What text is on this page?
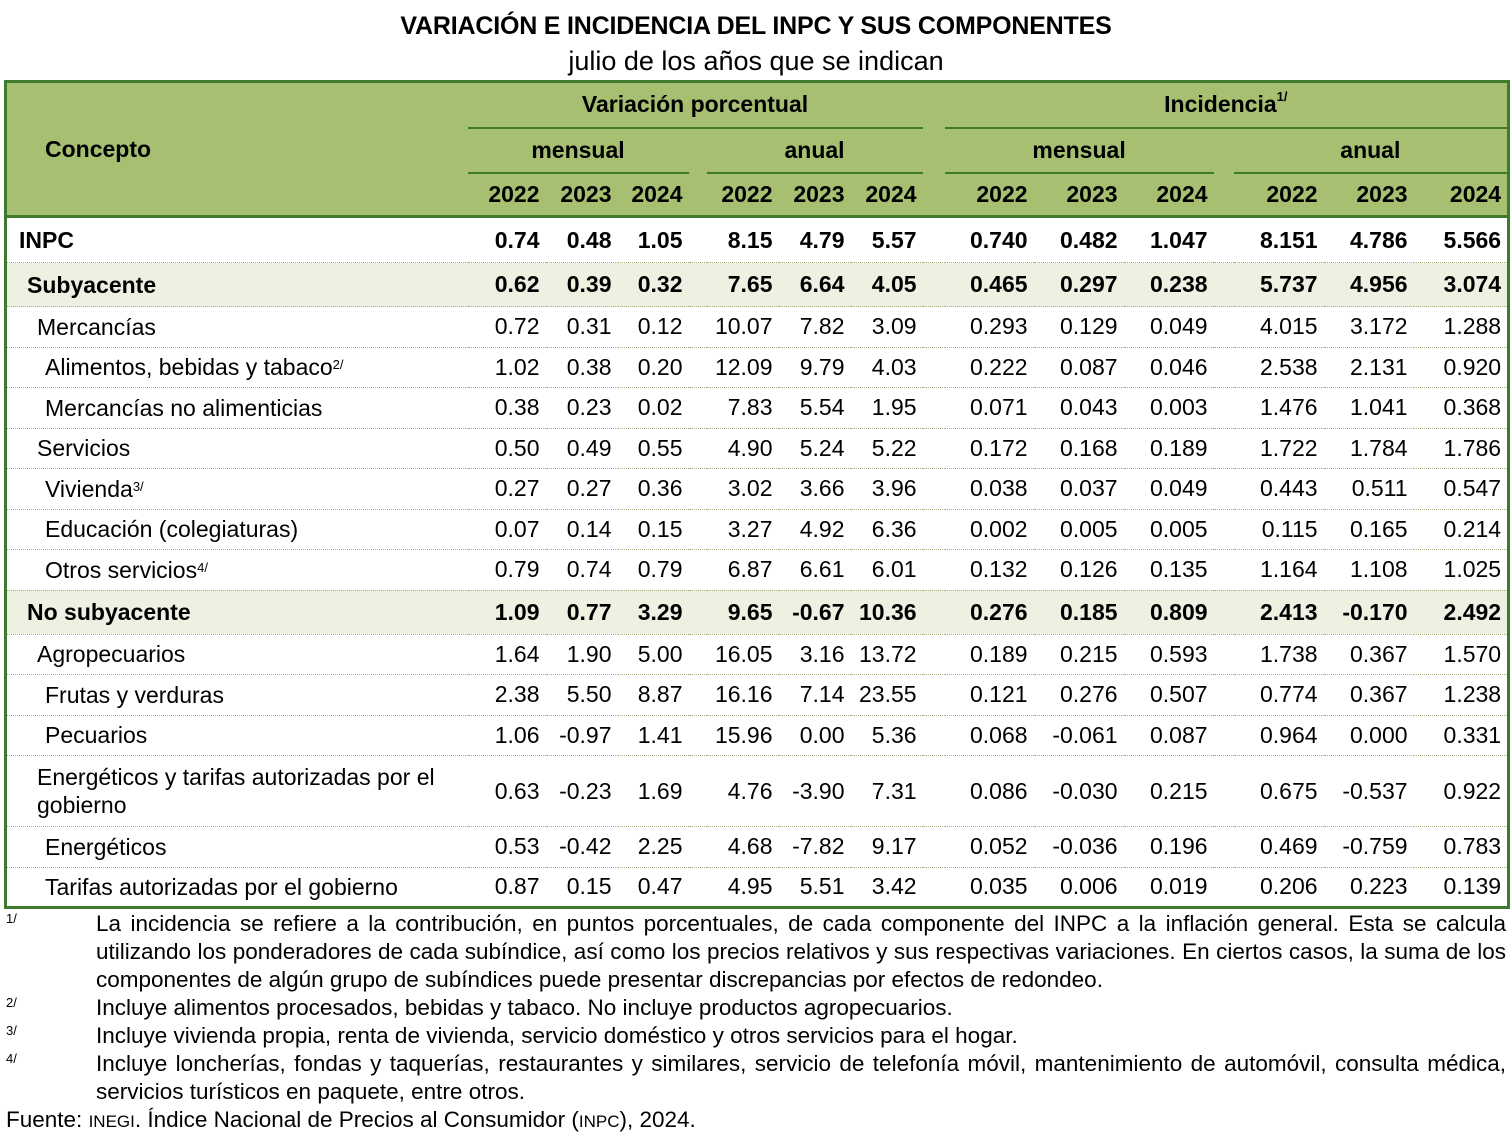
VARIACIÓN E INCIDENCIA DEL INPC Y SUS COMPONENTES
julio de los años que se indican
Concepto	Variación porcentual								Incidencia$^{1/}$
	mensual				anual				mensual				anual		
	2022	2023	2024		2022	2023	2024		2022	2023	2024		2022	2023	2024
INPC	0.74	0.48	1.05		8.15	4.79	5.57		0.740	0.482	1.047		8.151	4.786	5.566
Subyacente	0.62	0.39	0.32		7.65	6.64	4.05		0.465	0.297	0.238		5.737	4.956	3.074
Mercancías	0.72	0.31	0.12		10.07	7.82	3.09		0.293	0.129	0.049		4.015	3.172	1.288
Alimentos, bebidas y tabaco$^{2/}$	1.02	0.38	0.20		12.09	9.79	4.03		0.222	0.087	0.046		2.538	2.131	0.920
Mercancías no alimenticias	0.38	0.23	0.02		7.83	5.54	1.95		0.071	0.043	0.003		1.476	1.041	0.368
Servicios	0.50	0.49	0.55		4.90	5.24	5.22		0.172	0.168	0.189		1.722	1.784	1.786
Vivienda$^{3/}$	0.27	0.27	0.36		3.02	3.66	3.96		0.038	0.037	0.049		0.443	0.511	0.547
Educación (colegiaturas)	0.07	0.14	0.15		3.27	4.92	6.36		0.002	0.005	0.005		0.115	0.165	0.214
Otros servicios$^{4/}$	0.79	0.74	0.79		6.87	6.61	6.01		0.132	0.126	0.135		1.164	1.108	1.025
No subyacente	1.09	0.77	3.29		9.65	-0.67	10.36		0.276	0.185	0.809		2.413	-0.170	2.492
Agropecuarios	1.64	1.90	5.00		16.05	3.16	13.72		0.189	0.215	0.593		1.738	0.367	1.570
Frutas y verduras	2.38	5.50	8.87		16.16	7.14	23.55		0.121	0.276	0.507		0.774	0.367	1.238
Pecuarios	1.06	-0.97	1.41		15.96	0.00	5.36		0.068	-0.061	0.087		0.964	0.000	0.331
Energéticos y tarifas autorizadas por el gobierno	0.63	-0.23	1.69		4.76	-3.90	7.31		0.086	-0.030	0.215		0.675	-0.537	0.922
Energéticos	0.53	-0.42	2.25		4.68	-7.82	9.17		0.052	-0.036	0.196		0.469	-0.759	0.783
Tarifas autorizadas por el gobierno	0.87	0.15	0.47		4.95	5.51	3.42		0.035	0.006	0.019		0.206	0.223	0.139
1/	La incidencia se refiere a la contribución, en puntos porcentuales, de cada componente del INPC a la inflación general. Esta se calcula utilizando los ponderadores de cada subíndice, así como los precios relativos y sus respectivas variaciones. En ciertos casos, la suma de los componentes de algún grupo de subíndices puede presentar discrepancias por efectos de redondeo.
2/	Incluye alimentos procesados, bebidas y tabaco. No incluye productos agropecuarios.
3/	Incluye vivienda propia, renta de vivienda, servicio doméstico y otros servicios para el hogar.
4/	Incluye loncherías, fondas y taquerías, restaurantes y similares, servicio de telefonía móvil, mantenimiento de automóvil, consulta médica, servicios turísticos en paquete, entre otros.
Fuente: INEGI. Índice Nacional de Precios al Consumidor (INPC), 2024.
